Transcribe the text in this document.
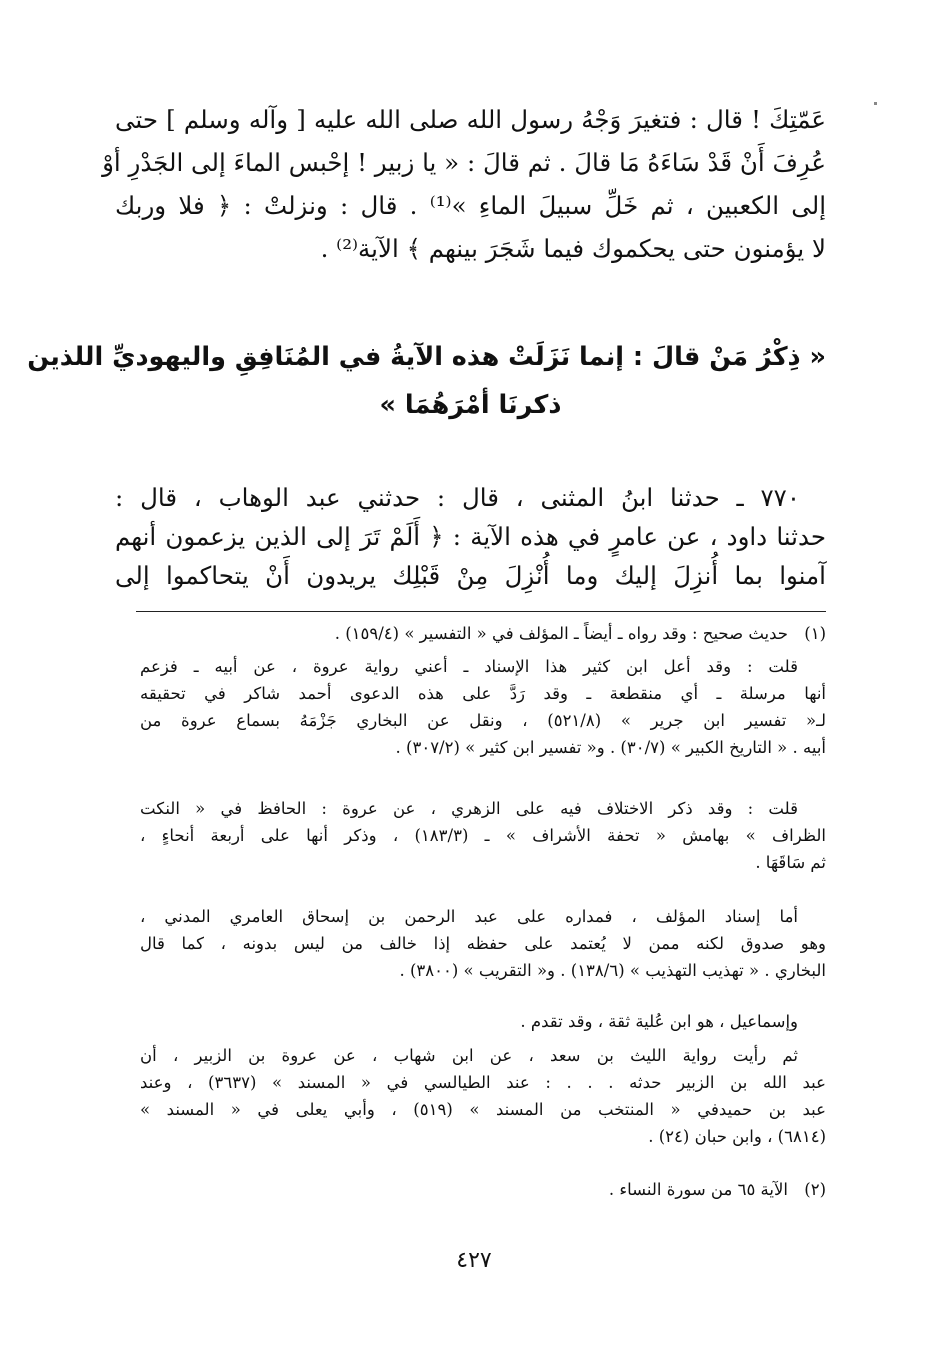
عَمّتِكَ ! قال : فتغيرَ وَجْهُ رسول الله صلى الله عليه [ وآله وسلم ] حتى
عُرِفَ أَنْ قَدْ سَاءَهُ مَا قالَ . ثم قالَ : « يا زبير ! إحْبس الماءَ إلى الجَدْرِ أوْ
إلى الكعبين ، ثم خَلِّ سبيلَ الماءِ »⁽¹⁾ . قال : ونزلتْ : ﴿ فلا وربك
لا يؤمنون حتى يحكموك فيما شَجَرَ بينهم ﴾ الآية⁽²⁾ .
« ذِكْرُ مَنْ قالَ : إنما نَزَلَتْ هذه الآيةُ في المُنَافِقِ واليهوديِّ اللذين
ذكرنَا أمْرَهُمَا »
٧٧٠ ـ حدثنا ابنُ المثنى ، قال : حدثني عبد الوهاب ، قال :
حدثنا داود ، عن عامرٍ في هذه الآية : ﴿ أَلَمْ تَرَ إلى الذين يزعمون أنهم
آمنوا بما أُنزِلَ إليك وما أُنْزِلَ مِنْ قَبْلِك يريدون أَنْ يتحاكموا إلى
(١)
حديث صحيح : وقد رواه ـ أيضاً ـ المؤلف في « التفسير » (١٥٩/٤) .
قلت : وقد أعل ابن كثير هذا الإسناد ـ أعني رواية عروة ، عن أبيه ـ فزعم
أنها مرسلة ـ أي منقطعة ـ وقد رَدَّ على هذه الدعوى أحمد شاكر في تحقيقه
لـ« تفسير ابن جرير » (٥٢١/٨) ، ونقل عن البخاري جَزْمَهُ بسماع عروة من
أبيه . « التاريخ الكبير » (٣٠/٧) . و« تفسير ابن كثير » (٣٠٧/٢) .
قلت : وقد ذكر الاختلاف فيه على الزهري ، عن عروة : الحافظ في « النكت
الظراف » بهامش « تحفة الأشراف » ـ (١٨٣/٣) ، وذكر أنها على أربعة أنحاءٍ ،
ثم سَاقَهَا .
أما إسناد المؤلف ، فمداره على عبد الرحمن بن إسحاق العامري المدني ،
وهو صدوق لكنه ممن لا يُعتمد على حفظه إذا خالف من ليس بدونه ، كما قال
البخاري . « تهذيب التهذيب » (١٣٨/٦) . و« التقريب » (٣٨٠٠) .
وإسماعيل ، هو ابن عُلية ثقة ، وقد تقدم .
ثم رأيت رواية الليث بن سعد ، عن ابن شهاب ، عن عروة بن الزبير ، أن
عبد الله بن الزبير حدثه . . . : عند الطيالسي في « المسند » (٣٦٣٧) ، وعند
عبد بن حميدفي « المنتخب من المسند » (٥١٩) ، وأبي يعلى في « المسند »
(٦٨١٤) ، وابن حبان (٢٤) .
(٢)
الآية ٦٥ من سورة النساء .
٤٢٧
